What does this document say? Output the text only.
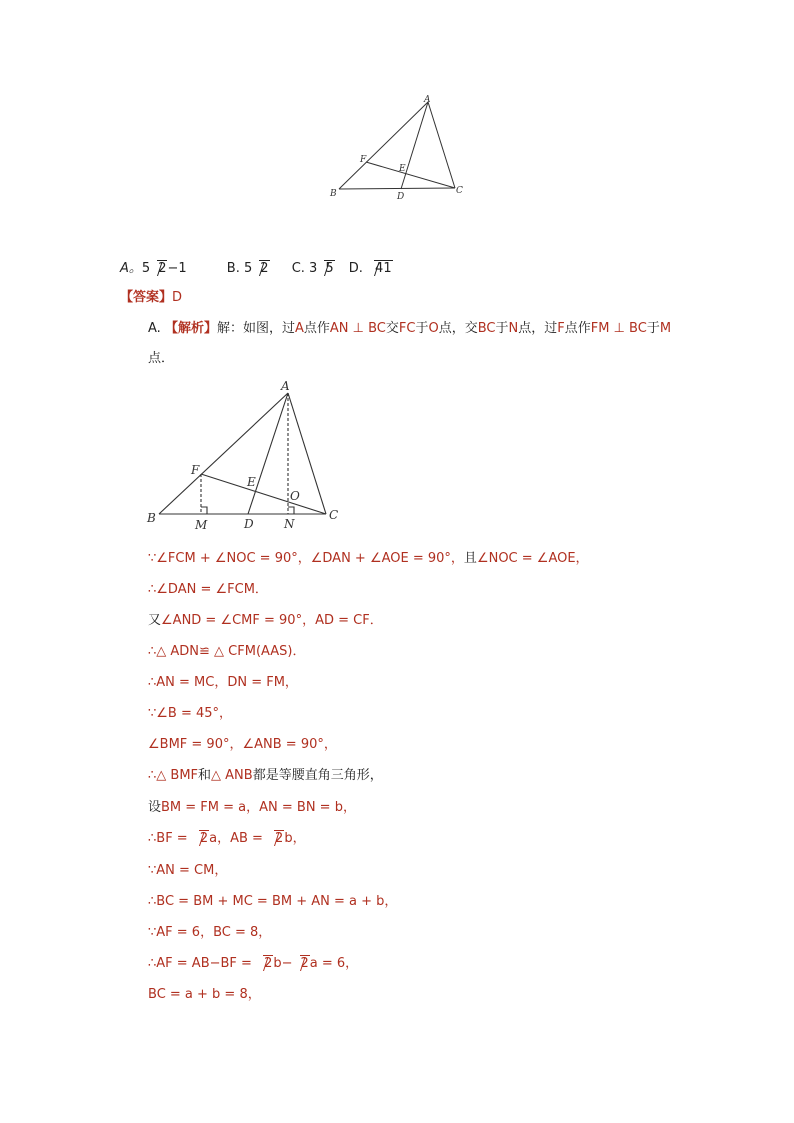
A
F
E
B	D
C
A。5 2−1	B. 5 2 C. 3 5 D. 41
【答案】D
A. 【解析】解：如图，过A点作AN ⊥ BC交FC于O点，交BC于N点，过F点作FM ⊥ BC于M
点．
A
F
E
O
B	M	D	N
C
∵∠FCM + ∠NOC = 90°，∠DAN + ∠AOE = 90°，且∠NOC = ∠AOE，
∴∠DAN = ∠FCM．
又∠AND = ∠CMF = 90°，AD = CF．
∴△ ADN≌ △ CFM(AAS)．
∴AN = MC，DN = FM，
∵∠B = 45°，
∠BMF = 90°，∠ANB = 90°，
∴△ BMF和△ ANB都是等腰直角三角形，
设BM = FM = a，AN = BN = b，
∴BF = 2a，AB = 2b，
∵AN = CM，
∴BC = BM + MC = BM + AN = a + b，
∵AF = 6，BC = 8，
∴AF = AB−BF = 2b− 2a = 6，
BC = a + b = 8，
